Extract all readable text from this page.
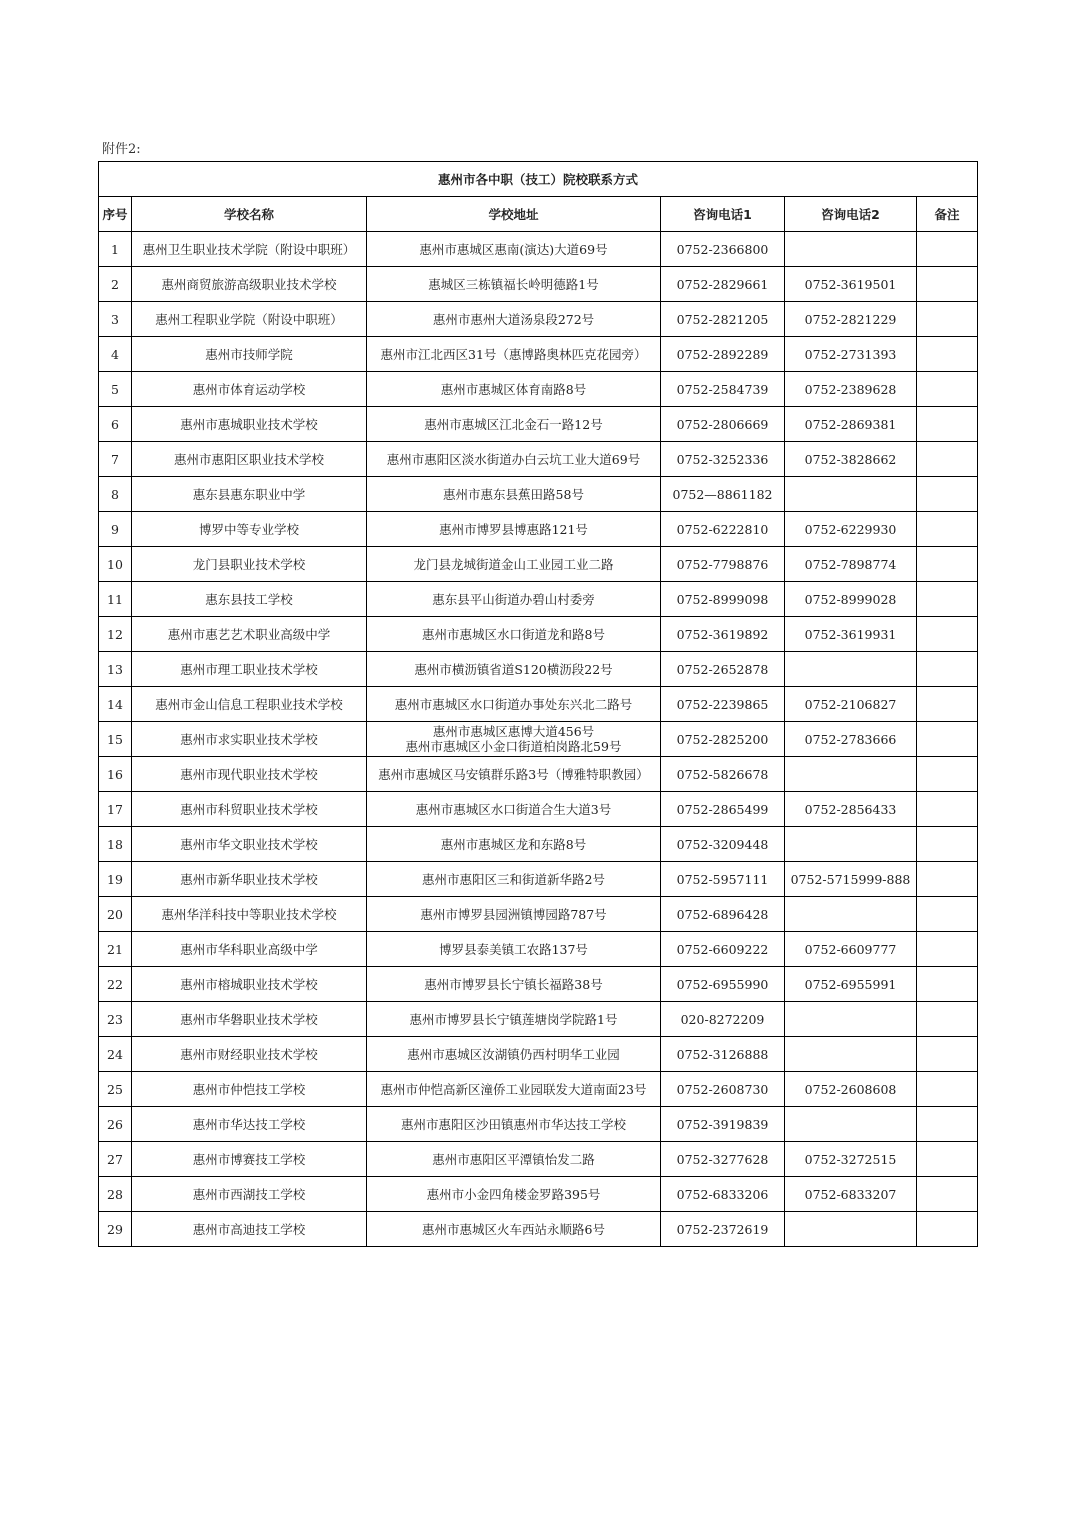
附件2:
惠州市各中职（技工）院校联系方式					
序号	学校名称	学校地址	咨询电话1	咨询电话2	备注
1	惠州卫生职业技术学院（附设中职班）	惠州市惠城区惠南(演达)大道69号	0752-2366800		
2	惠州商贸旅游高级职业技术学校	惠城区三栋镇福长岭明德路1号	0752-2829661	0752-3619501	
3	惠州工程职业学院（附设中职班）	惠州市惠州大道汤泉段272号	0752-2821205	0752-2821229	
4	惠州市技师学院	惠州市江北西区31号（惠博路奥林匹克花园旁）	0752-2892289	0752-2731393	
5	惠州市体育运动学校	惠州市惠城区体育南路8号	0752-2584739	0752-2389628	
6	惠州市惠城职业技术学校	惠州市惠城区江北金石一路12号	0752-2806669	0752-2869381	
7	惠州市惠阳区职业技术学校	惠州市惠阳区淡水街道办白云坑工业大道69号	0752-3252336	0752-3828662	
8	惠东县惠东职业中学	惠州市惠东县蕉田路58号	0752—8861182		
9	博罗中等专业学校	惠州市博罗县博惠路121号	0752-6222810	0752-6229930	
10	龙门县职业技术学校	龙门县龙城街道金山工业园工业二路	0752-7798876	0752-7898774	
11	惠东县技工学校	惠东县平山街道办碧山村委旁	0752-8999098	0752-8999028	
12	惠州市惠艺艺术职业高级中学	惠州市惠城区水口街道龙和路8号	0752-3619892	0752-3619931	
13	惠州市理工职业技术学校	惠州市横沥镇省道S120横沥段22号	0752-2652878		
14	惠州市金山信息工程职业技术学校	惠州市惠城区水口街道办事处东兴北二路号	0752-2239865	0752-2106827	
15	惠州市求实职业技术学校	惠州市惠城区惠博大道456号
惠州市惠城区小金口街道柏岗路北59号	0752-2825200	0752-2783666	
16	惠州市现代职业技术学校	惠州市惠城区马安镇群乐路3号（博雅特职教园）	0752-5826678		
17	惠州市科贸职业技术学校	惠州市惠城区水口街道合生大道3号	0752-2865499	0752-2856433	
18	惠州市华文职业技术学校	惠州市惠城区龙和东路8号	0752-3209448		
19	惠州市新华职业技术学校	惠州市惠阳区三和街道新华路2号	0752-5957111	0752-5715999-888	
20	惠州华洋科技中等职业技术学校	惠州市博罗县园洲镇博园路787号	0752-6896428		
21	惠州市华科职业高级中学	博罗县泰美镇工农路137号	0752-6609222	0752-6609777	
22	惠州市榕城职业技术学校	惠州市博罗县长宁镇长福路38号	0752-6955990	0752-6955991	
23	惠州市华磐职业技术学校	惠州市博罗县长宁镇莲塘岗学院路1号	020-8272209		
24	惠州市财经职业技术学校	惠州市惠城区汝湖镇仍西村明华工业园	0752-3126888		
25	惠州市仲恺技工学校	惠州市仲恺高新区潼侨工业园联发大道南面23号	0752-2608730	0752-2608608	
26	惠州市华达技工学校	惠州市惠阳区沙田镇惠州市华达技工学校	0752-3919839		
27	惠州市博赛技工学校	惠州市惠阳区平潭镇怡发二路	0752-3277628	0752-3272515	
28	惠州市西湖技工学校	惠州市小金四角楼金罗路395号	0752-6833206	0752-6833207	
29	惠州市高迪技工学校	惠州市惠城区火车西站永顺路6号	0752-2372619		
